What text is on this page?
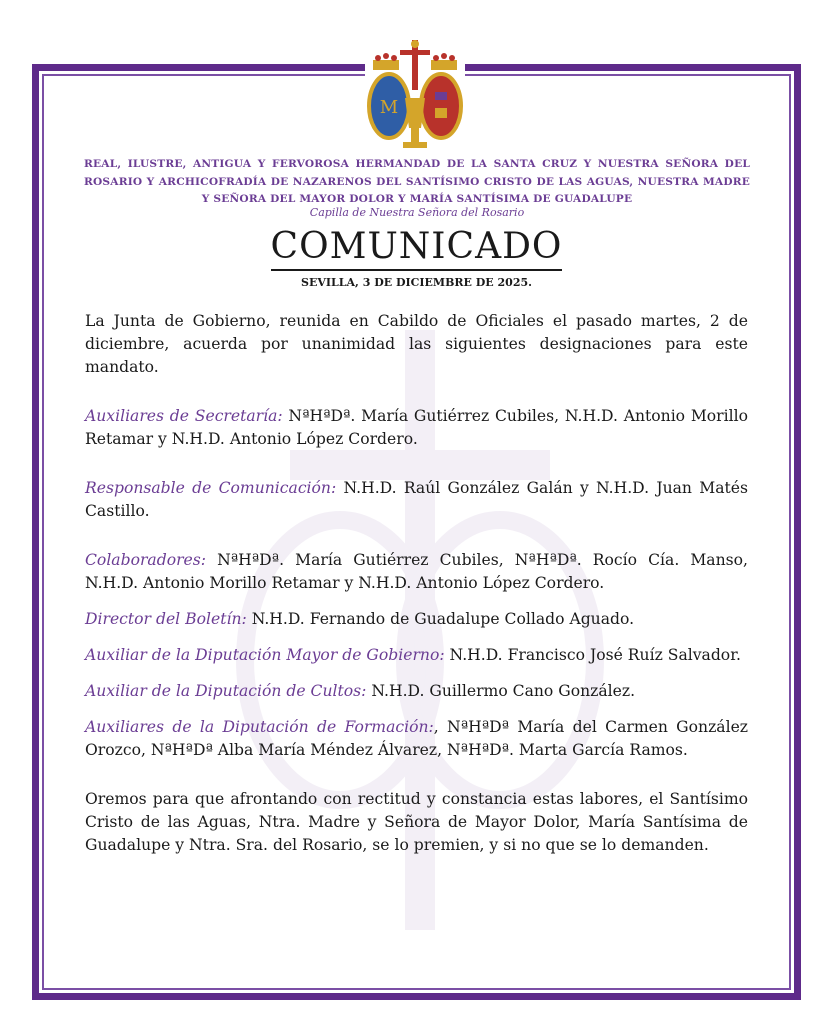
M
REAL, ILUSTRE, ANTIGUA Y FERVOROSA HERMANDAD DE LA SANTA CRUZ Y NUESTRA SEÑORA DEL ROSARIO Y ARCHICOFRADÍA DE NAZARENOS DEL SANTÍSIMO CRISTO DE LAS AGUAS, NUESTRA MADRE Y SEÑORA DEL MAYOR DOLOR Y MARÍA SANTÍSIMA DE GUADALUPE
Capilla de Nuestra Señora del Rosario
COMUNICADO
SEVILLA, 3 DE DICIEMBRE DE 2025.

La Junta de Gobierno, reunida en Cabildo de Oficiales el pasado martes, 2 de diciembre, acuerda por unanimidad las siguientes designaciones para este mandato.

Auxiliares de Secretaría: NªHªDª. María Gutiérrez Cubiles, N.H.D. Antonio Morillo Retamar y N.H.D. Antonio López Cordero.

Responsable de Comunicación: N.H.D. Raúl González Galán y N.H.D. Juan Matés Castillo.

Colaboradores: NªHªDª. María Gutiérrez Cubiles, NªHªDª. Rocío Cía. Manso, N.H.D. Antonio Morillo Retamar y N.H.D. Antonio López Cordero.

Director del Boletín: N.H.D. Fernando de Guadalupe Collado Aguado.

Auxiliar de la Diputación Mayor de Gobierno: N.H.D. Francisco José Ruíz Salvador.

Auxiliar de la Diputación de Cultos: N.H.D. Guillermo Cano González.

Auxiliares de la Diputación de Formación:, NªHªDª María del Carmen González Orozco, NªHªDª Alba María Méndez Álvarez, NªHªDª. Marta García Ramos.

Oremos para que afrontando con rectitud y constancia estas labores, el Santísimo Cristo de las Aguas, Ntra. Madre y Señora de Mayor Dolor, María Santísima de Guadalupe y Ntra. Sra. del Rosario, se lo premien, y si no que se lo demanden.
